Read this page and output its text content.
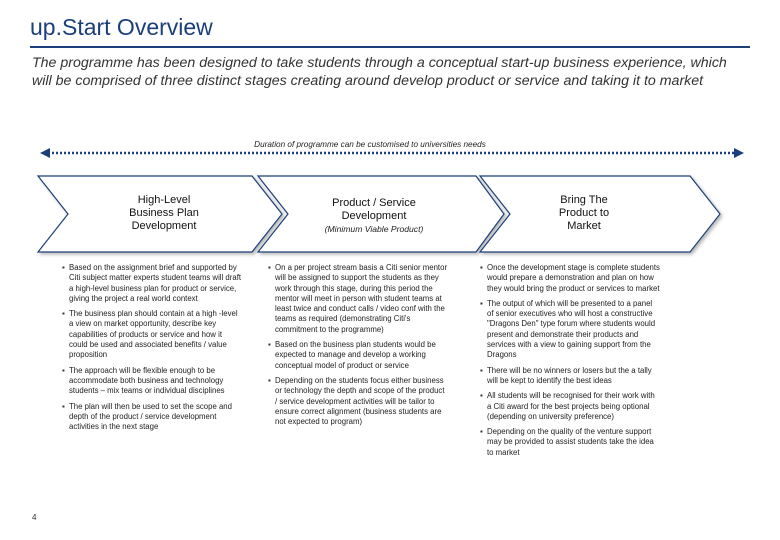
up.Start Overview
The programme has been designed to take students through a conceptual start-up business experience, which will be comprised of three distinct stages creating around develop product or service and taking it to market
Duration of programme can be customised to universities needs
High-Level Business Plan Development
Product / Service Development
(Minimum Viable Product)
Bring The Product to Market
▪ Based on the assignment brief and supported by Citi subject matter experts student teams will draft a high-level business plan for product or service, giving the project a real world context
▪ The business plan should contain at a high -level a view on market opportunity, describe key capabilities of products or service and how it could be used and associated benefits / value proposition
▪ The approach will be flexible enough to be accommodate both business and technology students – mix teams or individual disciplines
▪ The plan will then be used to set the scope and depth of the product / service development activities in the next stage
▪ On a per project stream basis a Citi senior mentor will be assigned to support the students as they work through this stage, during this period the mentor will meet in person with student teams at least twice and conduct calls / video conf with the teams as required (demonstrating Citi's commitment to the programme)
▪ Based on the business plan students would be expected to manage and develop a working conceptual model of product or service
▪ Depending on the students focus either business or technology the depth and scope of the product / service development activities will be tailor to ensure correct alignment (business students are not expected to program)
▪ Once the development stage is complete students would prepare a demonstration and plan on how they would bring the product or services to market
▪ The output of which will be presented to a panel of senior executives who will host a constructive "Dragons Den" type forum where students would present and demonstrate their products and services with a view to gaining support from the Dragons
▪ There will be no winners or losers but the a tally will be kept to identify the best ideas
▪ All students will be recognised for their work with a Citi award for the best projects being optional (depending on university preference)
▪ Depending on the quality of the venture support may be provided to assist students take the idea to market
4
